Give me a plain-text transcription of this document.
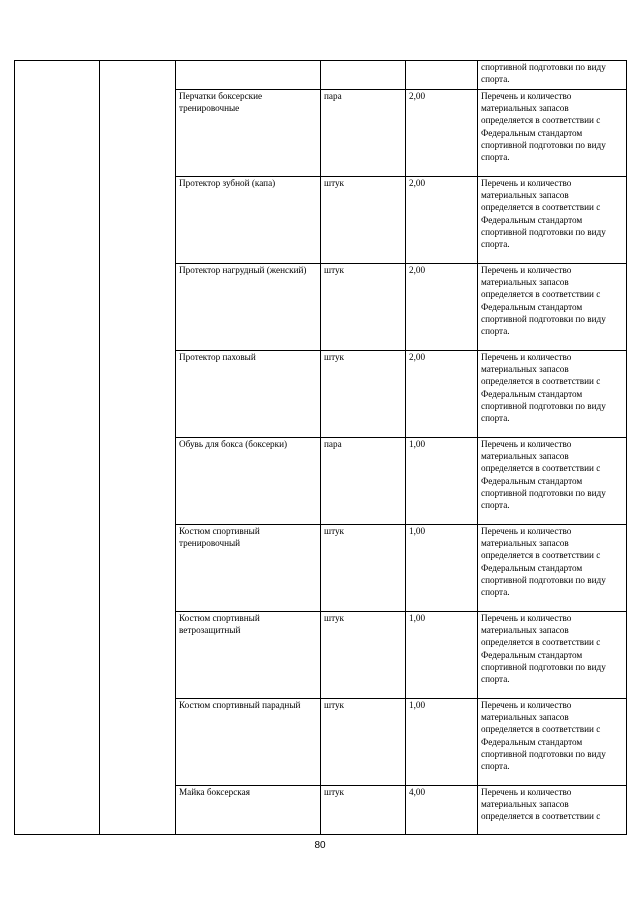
					спортивной подготовки по виду спорта.
		Перчатки боксерские тренировочные	пара	2,00	Перечень и количество материальных запасов определяется в соответствии с Федеральным стандартом спортивной подготовки по виду спорта.
		Протектор зубной (капа)	штук	2,00	Перечень и количество материальных запасов определяется в соответствии с Федеральным стандартом спортивной подготовки по виду спорта.
		Протектор нагрудный (женский)	штук	2,00	Перечень и количество материальных запасов определяется в соответствии с Федеральным стандартом спортивной подготовки по виду спорта.
		Протектор паховый	штук	2,00	Перечень и количество материальных запасов определяется в соответствии с Федеральным стандартом спортивной подготовки по виду спорта.
		Обувь для бокса (боксерки)	пара	1,00	Перечень и количество материальных запасов определяется в соответствии с Федеральным стандартом спортивной подготовки по виду спорта.
		Костюм спортивный тренировочный	штук	1,00	Перечень и количество материальных запасов определяется в соответствии с Федеральным стандартом спортивной подготовки по виду спорта.
		Костюм спортивный ветрозащитный	штук	1,00	Перечень и количество материальных запасов определяется в соответствии с Федеральным стандартом спортивной подготовки по виду спорта.
		Костюм спортивный парадный	штук	1,00	Перечень и количество материальных запасов определяется в соответствии с Федеральным стандартом спортивной подготовки по виду спорта.
		Майка боксерская	штук	4,00	Перечень и количество материальных запасов определяется в соответствии с
80
